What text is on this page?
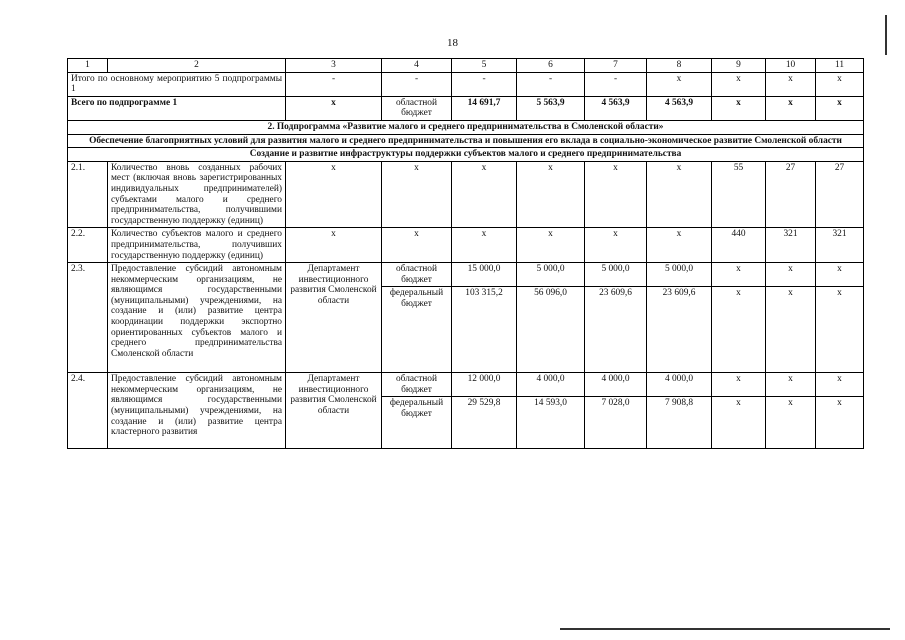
18
1	2	3	4	5	6	7	8	9	10	11
Итого по основному мероприятию 5 подпрограммы 1		-	-	-	-	-	x	x	x	x
Всего по подпрограмме 1		x	областной бюджет	14 691,7	5 563,9	4 563,9	4 563,9	x	x	x
2. Подпрограмма «Развитие малого и среднего предпринимательства в Смоленской области»										
Обеспечение благоприятных условий для развития малого и среднего предпринимательства и повышения его вклада в социально-экономическое развитие Смоленской области										
Создание и развитие инфраструктуры поддержки субъектов малого и среднего предпринимательства										
2.1.	Количество вновь созданных рабочих мест (включая вновь зарегистрированных индивидуальных предпринимателей) субъектами малого и среднего предпринимательства, получившими государственную поддержку (единиц)	x	x	x	x	x	x	55	27	27
2.2.	Количество субъектов малого и среднего предпринимательства, получивших государственную поддержку (единиц)	x	x	x	x	x	x	440	321	321
2.3.	Предоставление субсидий автономным некоммерческим организациям, не являющимся государственными (муниципальными) учреждениями, на создание и (или) развитие центра координации поддержки экспортно ориентированных субъектов малого и среднего предпринимательства Смоленской области	Департамент инвестиционного развития Смоленской области	областной бюджет	15 000,0	5 000,0	5 000,0	5 000,0	x	x	x
			федеральный бюджет	103 315,2	56 096,0	23 609,6	23 609,6	x	x	x
2.4.	Предоставление субсидий автономным некоммерческим организациям, не являющимся государственными (муниципальными) учреждениями, на создание и (или) развитие центра кластерного развития	Департамент инвестиционного развития Смоленской области	областной бюджет	12 000,0	4 000,0	4 000,0	4 000,0	x	x	x
			федеральный бюджет	29 529,8	14 593,0	7 028,0	7 908,8	x	x	x
